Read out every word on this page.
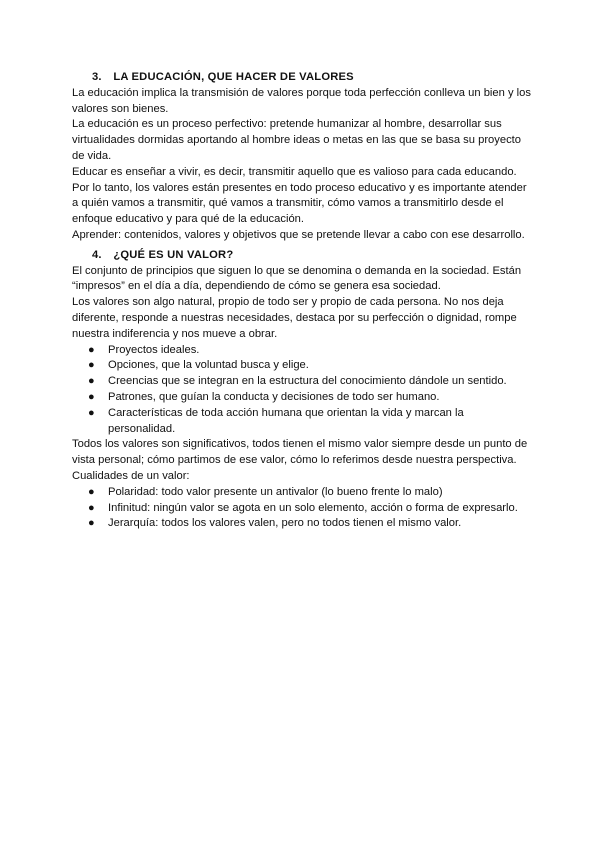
3. LA EDUCACIÓN, QUE HACER DE VALORES

La educación implica la transmisión de valores porque toda perfección conlleva un bien y los valores son bienes.

La educación es un proceso perfectivo: pretende humanizar al hombre, desarrollar sus virtualidades dormidas aportando al hombre ideas o metas en las que se basa su proyecto de vida.

Educar es enseñar a vivir, es decir, transmitir aquello que es valioso para cada educando. Por lo tanto, los valores están presentes en todo proceso educativo y es importante atender a quién vamos a transmitir, qué vamos a transmitir, cómo vamos a transmitirlo desde el enfoque educativo y para qué de la educación.

Aprender: contenidos, valores y objetivos que se pretende llevar a cabo con ese desarrollo.

4. ¿QUÉ ES UN VALOR?

El conjunto de principios que siguen lo que se denomina o demanda en la sociedad. Están “impresos” en el día a día, dependiendo de cómo se genera esa sociedad.

Los valores son algo natural, propio de todo ser y propio de cada persona. No nos deja diferente, responde a nuestras necesidades, destaca por su perfección o dignidad, rompe nuestra indiferencia y nos mueve a obrar.

● Proyectos ideales.
● Opciones, que la voluntad busca y elige.
● Creencias que se integran en la estructura del conocimiento dándole un sentido.
● Patrones, que guían la conducta y decisiones de todo ser humano.
● Características de toda acción humana que orientan la vida y marcan la personalidad.

Todos los valores son significativos, todos tienen el mismo valor siempre desde un punto de vista personal; cómo partimos de ese valor, cómo lo referimos desde nuestra perspectiva.

Cualidades de un valor:

● Polaridad: todo valor presente un antivalor (lo bueno frente lo malo)
● Infinitud: ningún valor se agota en un solo elemento, acción o forma de expresarlo.
● Jerarquía: todos los valores valen, pero no todos tienen el mismo valor.
